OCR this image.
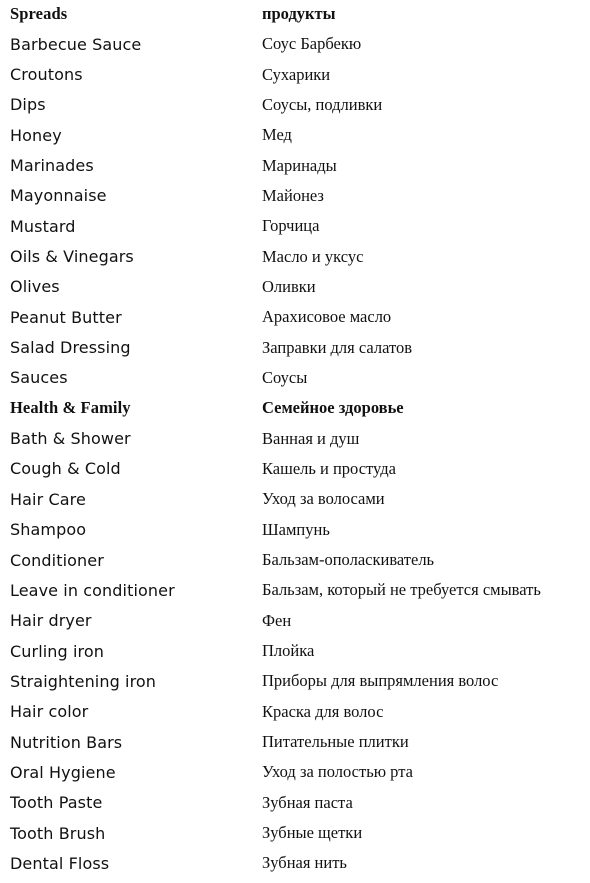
Spreads	продукты
Barbecue Sauce	Соус Барбекю
Croutons	Сухарики
Dips	Соусы, подливки
Honey	Мед
Marinades	Маринады
Mayonnaise	Майонез
Mustard	Горчица
Oils & Vinegars	Масло и уксус
Olives	Оливки
Peanut Butter	Арахисовое масло
Salad Dressing	Заправки для салатов
Sauces	Соусы
Health & Family	Семейное здоровье
Bath & Shower	Ванная и душ
Cough & Cold	Кашель и простуда
Hair Care	Уход за волосами
Shampoo	Шампунь
Conditioner	Бальзам-ополаскиватель
Leave in conditioner	Бальзам, который не требуется смывать
Hair dryer	Фен
Curling iron	Плойка
Straightening iron	Приборы для выпрямления волос
Hair color	Краска для волос
Nutrition Bars	Питательные плитки
Oral Hygiene	Уход за полостью рта
Tooth Paste	Зубная паста
Tooth Brush	Зубные щетки
Dental Floss	Зубная нить
